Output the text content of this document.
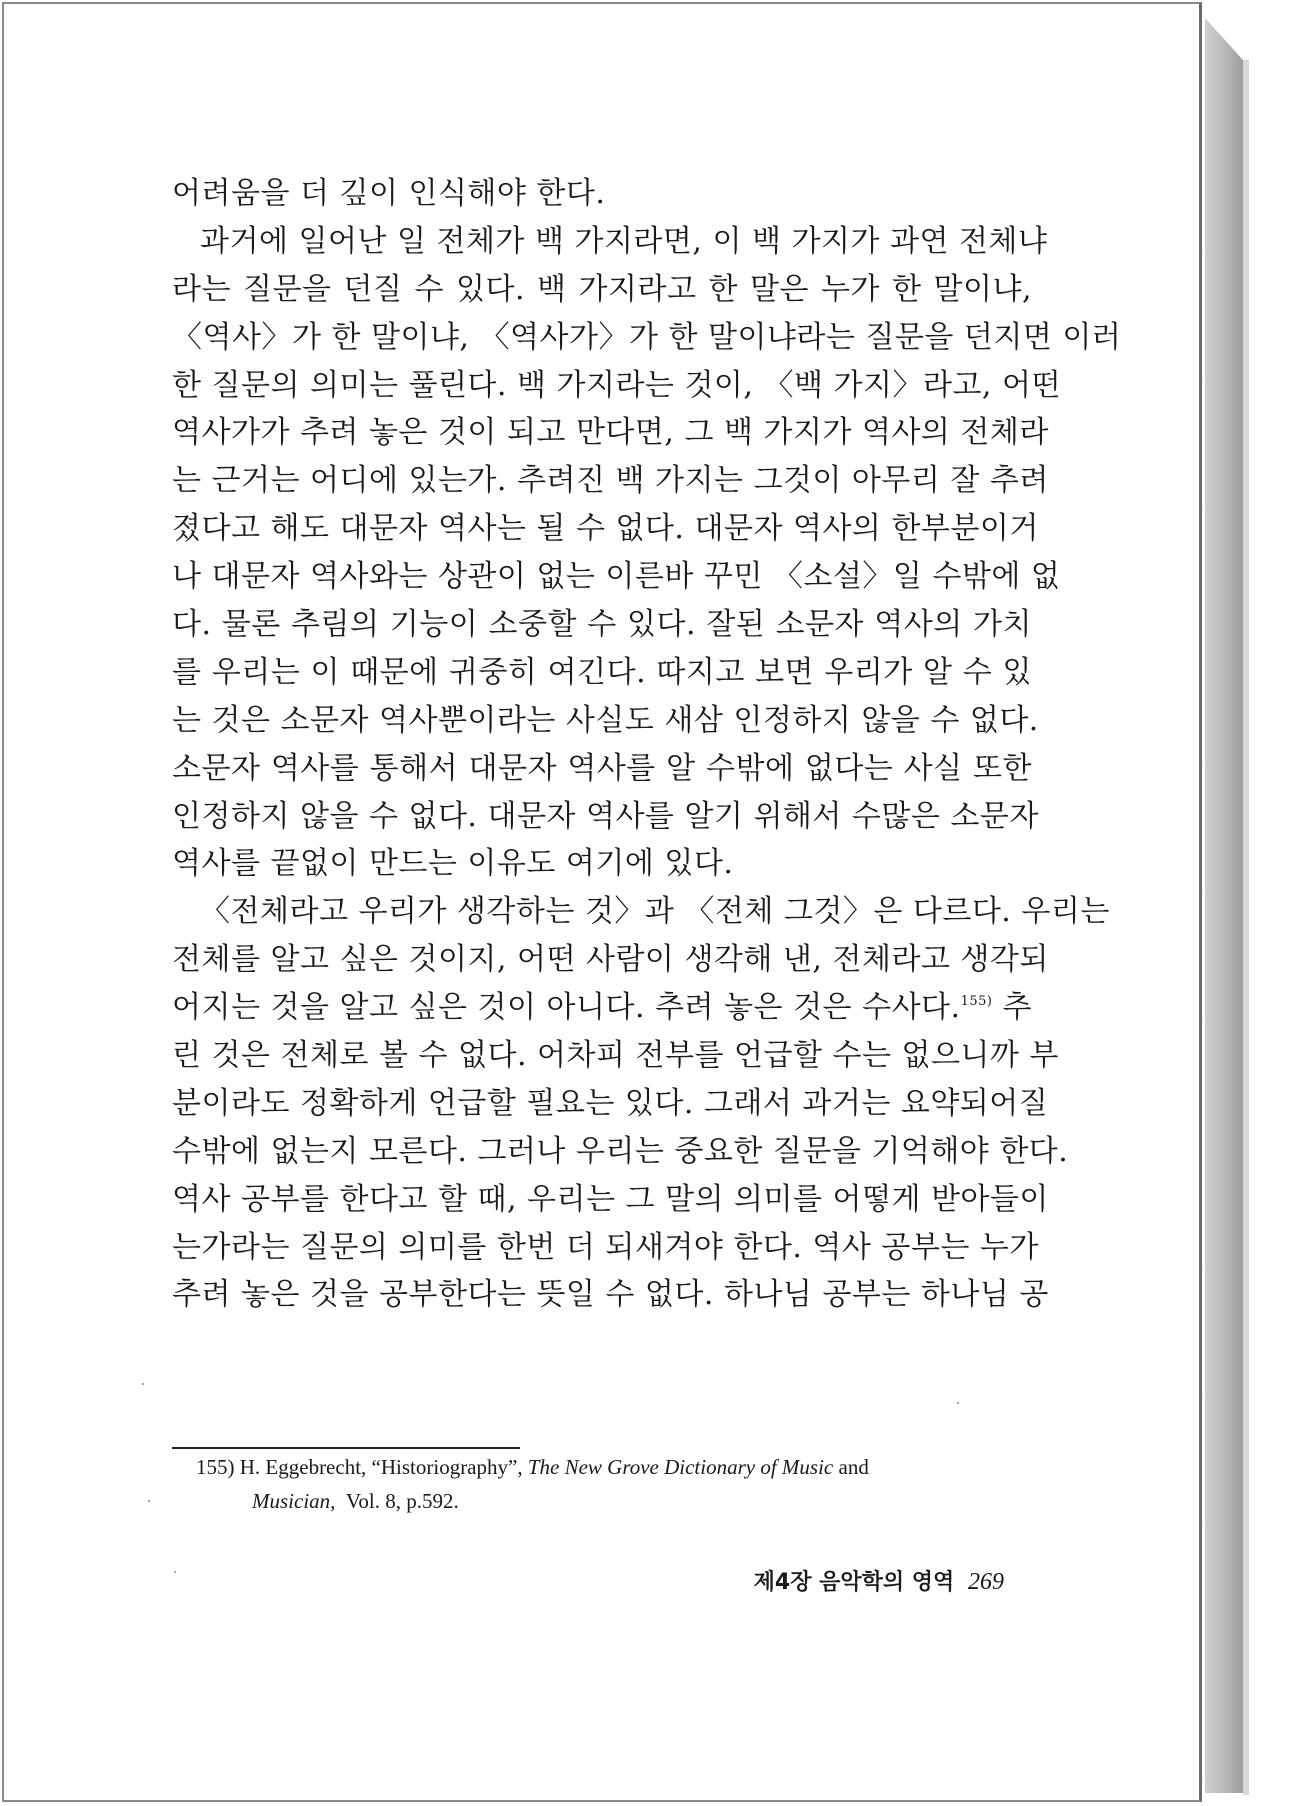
어려움을 더 깊이 인식해야 한다.
과거에 일어난 일 전체가 백 가지라면, 이 백 가지가 과연 전체냐
라는 질문을 던질 수 있다. 백 가지라고 한 말은 누가 한 말이냐,
〈역사〉가 한 말이냐, 〈역사가〉가 한 말이냐라는 질문을 던지면 이러
한 질문의 의미는 풀린다. 백 가지라는 것이, 〈백 가지〉라고, 어떤
역사가가 추려 놓은 것이 되고 만다면, 그 백 가지가 역사의 전체라
는 근거는 어디에 있는가. 추려진 백 가지는 그것이 아무리 잘 추려
졌다고 해도 대문자 역사는 될 수 없다. 대문자 역사의 한부분이거
나 대문자 역사와는 상관이 없는 이른바 꾸민 〈소설〉일 수밖에 없
다. 물론 추림의 기능이 소중할 수 있다. 잘된 소문자 역사의 가치
를 우리는 이 때문에 귀중히 여긴다. 따지고 보면 우리가 알 수 있
는 것은 소문자 역사뿐이라는 사실도 새삼 인정하지 않을 수 없다.
소문자 역사를 통해서 대문자 역사를 알 수밖에 없다는 사실 또한
인정하지 않을 수 없다. 대문자 역사를 알기 위해서 수많은 소문자
역사를 끝없이 만드는 이유도 여기에 있다.
〈전체라고 우리가 생각하는 것〉과 〈전체 그것〉은 다르다. 우리는
전체를 알고 싶은 것이지, 어떤 사람이 생각해 낸, 전체라고 생각되
어지는 것을 알고 싶은 것이 아니다. 추려 놓은 것은 수사다.$^{155)}$ 추
린 것은 전체로 볼 수 없다. 어차피 전부를 언급할 수는 없으니까 부
분이라도 정확하게 언급할 필요는 있다. 그래서 과거는 요약되어질
수밖에 없는지 모른다. 그러나 우리는 중요한 질문을 기억해야 한다.
역사 공부를 한다고 할 때, 우리는 그 말의 의미를 어떻게 받아들이
는가라는 질문의 의미를 한번 더 되새겨야 한다. 역사 공부는 누가
추려 놓은 것을 공부한다는 뜻일 수 없다. 하나님 공부는 하나님 공
155) H. Eggebrecht, “Historiography”, The New Grove Dictionary of Music and
Musician, Vol. 8, p.592.
제4장 음악학의 영역 269
